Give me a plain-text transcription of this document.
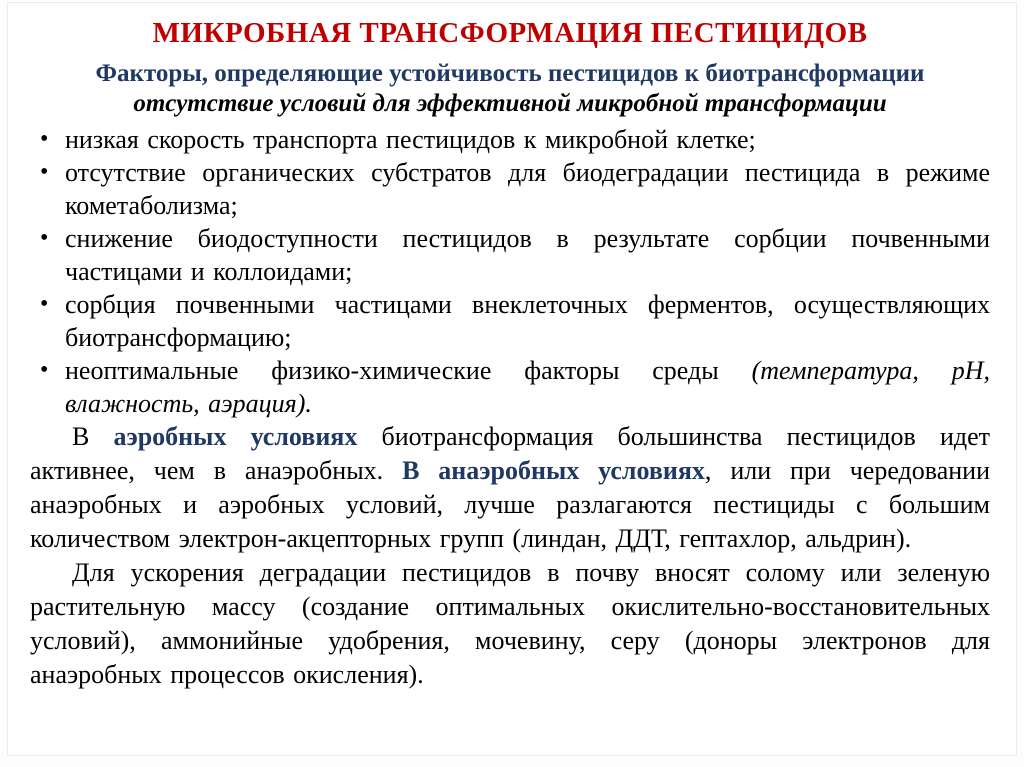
МИКРОБНАЯ ТРАНСФОРМАЦИЯ ПЕСТИЦИДОВ
Факторы, определяющие устойчивость пестицидов к биотрансформации
отсутствие условий для эффективной микробной трансформации
• низкая скорость транспорта пестицидов к микробной клетке;
• отсутствие органических субстратов для биодеградации пестицида в режиме кометаболизма;
• снижение биодоступности пестицидов в результате сорбции почвенными частицами и коллоидами;
• сорбция почвенными частицами внеклеточных ферментов, осуществляющих биотрансформацию;
• неоптимальные физико-химические факторы среды (температура, рН, влажность, аэрация).
В аэробных условиях биотрансформация большинства пестицидов идет активнее, чем в анаэробных. В анаэробных условиях, или при чередовании анаэробных и аэробных условий, лучше разлагаются пестициды с большим количеством электрон-акцепторных групп (линдан, ДДТ, гептахлор, альдрин).
Для ускорения деградации пестицидов в почву вносят солому или зеленую растительную массу (создание оптимальных окислительно-восстановительных условий), аммонийные удобрения, мочевину, серу (доноры электронов для анаэробных процессов окисления).
